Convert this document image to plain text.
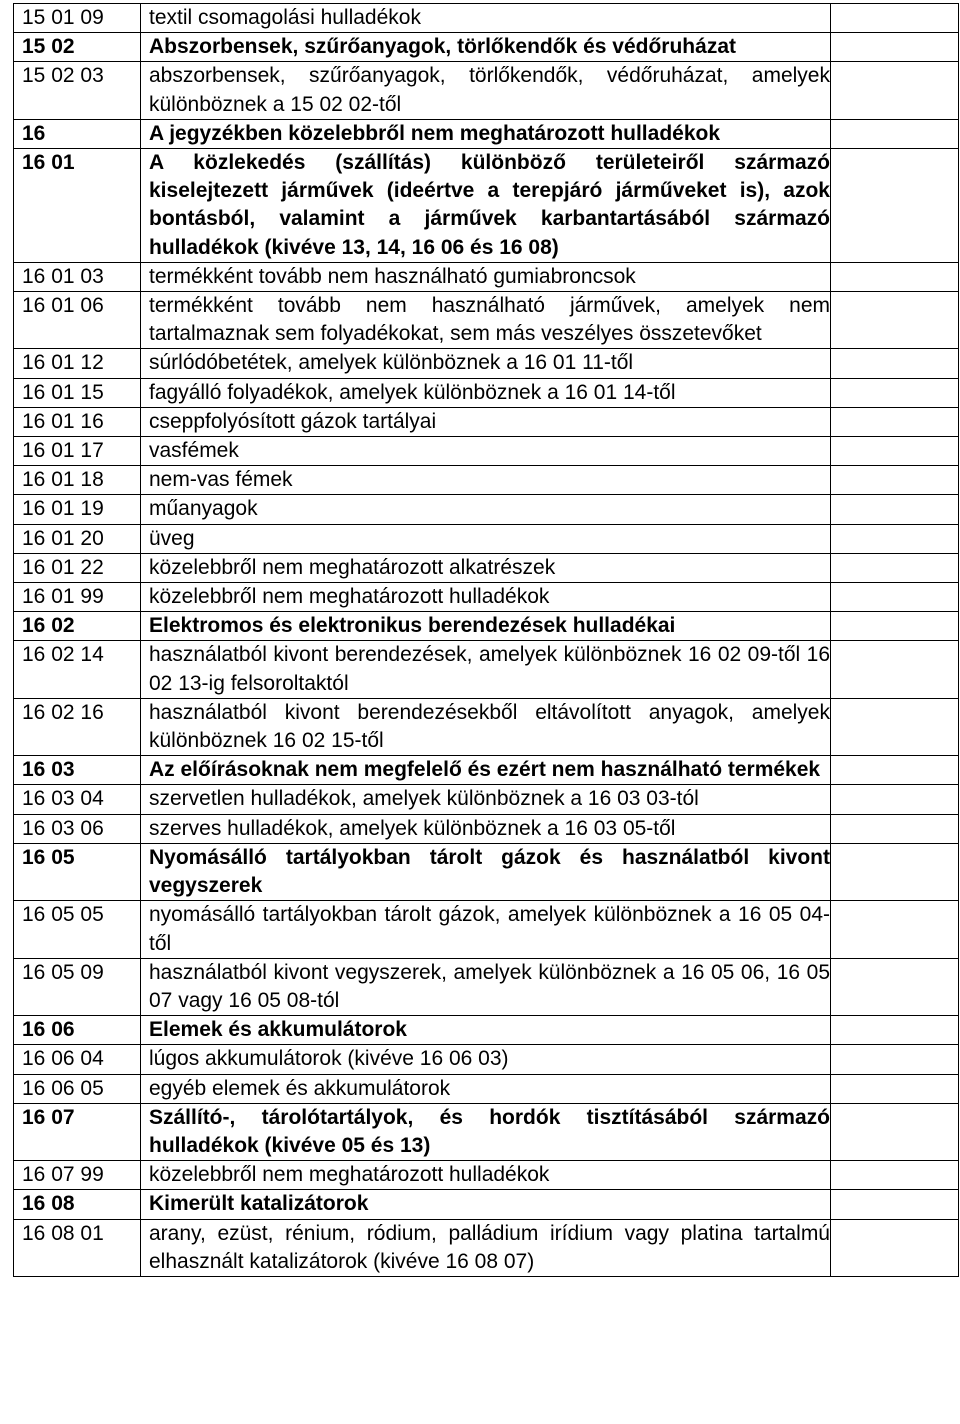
15 01 09	textil csomagolási hulladékok	
15 02	Abszorbensek, szűrőanyagok, törlőkendők és védőruházat	
15 02 03	abszorbensek, szűrőanyagok, törlőkendők, védőruházat, amelyek különböznek a 15 02 02-től	
16	A jegyzékben közelebbről nem meghatározott hulladékok	
16 01	A közlekedés (szállítás) különböző területeiről származó kiselejtezett járművek (ideértve a terepjáró járműveket is), azok bontásból, valamint a járművek karbantartásából származó hulladékok (kivéve 13, 14, 16 06 és 16 08)	
16 01 03	termékként tovább nem használható gumiabroncsok	
16 01 06	termékként tovább nem használható járművek, amelyek nem tartalmaznak sem folyadékokat, sem más veszélyes összetevőket	
16 01 12	súrlódóbetétek, amelyek különböznek a 16 01 11-től	
16 01 15	fagyálló folyadékok, amelyek különböznek a 16 01 14-től	
16 01 16	cseppfolyósított gázok tartályai	
16 01 17	vasfémek	
16 01 18	nem-vas fémek	
16 01 19	műanyagok	
16 01 20	üveg	
16 01 22	közelebbről nem meghatározott alkatrészek	
16 01 99	közelebbről nem meghatározott hulladékok	
16 02	Elektromos és elektronikus berendezések hulladékai	
16 02 14	használatból kivont berendezések, amelyek különböznek 16 02 09-től 16 02 13-ig felsoroltaktól	
16 02 16	használatból kivont berendezésekből eltávolított anyagok, amelyek különböznek 16 02 15-től	
16 03	Az előírásoknak nem megfelelő és ezért nem használható termékek	
16 03 04	szervetlen hulladékok, amelyek különböznek a 16 03 03-tól	
16 03 06	szerves hulladékok, amelyek különböznek a 16 03 05-től	
16 05	Nyomásálló tartályokban tárolt gázok és használatból kivont vegyszerek	
16 05 05	nyomásálló tartályokban tárolt gázok, amelyek különböznek a 16 05 04-től	
16 05 09	használatból kivont vegyszerek, amelyek különböznek a 16 05 06, 16 05 07 vagy 16 05 08-tól	
16 06	Elemek és akkumulátorok	
16 06 04	lúgos akkumulátorok (kivéve 16 06 03)	
16 06 05	egyéb elemek és akkumulátorok	
16 07	Szállító-, tárolótartályok, és hordók tisztításából származó hulladékok (kivéve 05 és 13)	
16 07 99	közelebbről nem meghatározott hulladékok	
16 08	Kimerült katalizátorok	
16 08 01	arany, ezüst, rénium, ródium, palládium irídium vagy platina tartalmú elhasznált katalizátorok (kivéve 16 08 07)	
